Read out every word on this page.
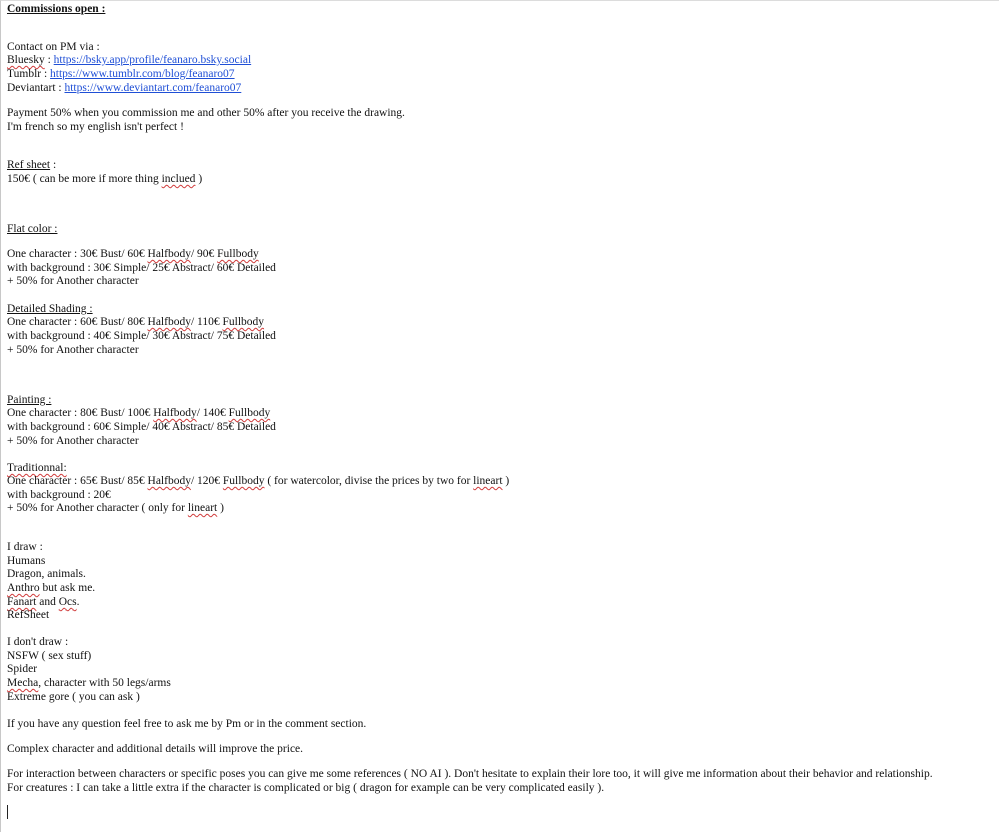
Commissions open :
Contact on PM via :
Bluesky : https://bsky.app/profile/feanaro.bsky.social
Tumblr : https://www.tumblr.com/blog/feanaro07
Deviantart : https://www.deviantart.com/feanaro07
Payment 50% when you commission me and other 50% after you receive the drawing.
I'm french so my english isn't perfect !
Ref sheet :
150€ ( can be more if more thing inclued )
Flat color :
One character : 30€ Bust/ 60€ Halfbody/ 90€ Fullbody
with background : 30€ Simple/ 25€ Abstract/ 60€ Detailed
+ 50% for Another character
Detailed Shading :
One character : 60€ Bust/ 80€ Halfbody/ 110€ Fullbody
with background : 40€ Simple/ 30€ Abstract/ 75€ Detailed
+ 50% for Another character
Painting :
One character : 80€ Bust/ 100€ Halfbody/ 140€ Fullbody
with background : 60€ Simple/ 40€ Abstract/ 85€ Detailed
+ 50% for Another character
Traditionnal:
One character : 65€ Bust/ 85€ Halfbody/ 120€ Fullbody ( for watercolor, divise the prices by two for lineart )
with background : 20€
+ 50% for Another character ( only for lineart )
I draw :
Humans
Dragon, animals.
Anthro but ask me.
Fanart and Ocs.
RefSheet
I don't draw :
NSFW ( sex stuff)
Spider
Mecha, character with 50 legs/arms
Extreme gore ( you can ask )
If you have any question feel free to ask me by Pm or in the comment section.
Complex character and additional details will improve the price.
For interaction between characters or specific poses you can give me some references ( NO AI ). Don't hesitate to explain their lore too, it will give me information about their behavior and relationship.
For creatures : I can take a little extra if the character is complicated or big ( dragon for example can be very complicated easily ).
